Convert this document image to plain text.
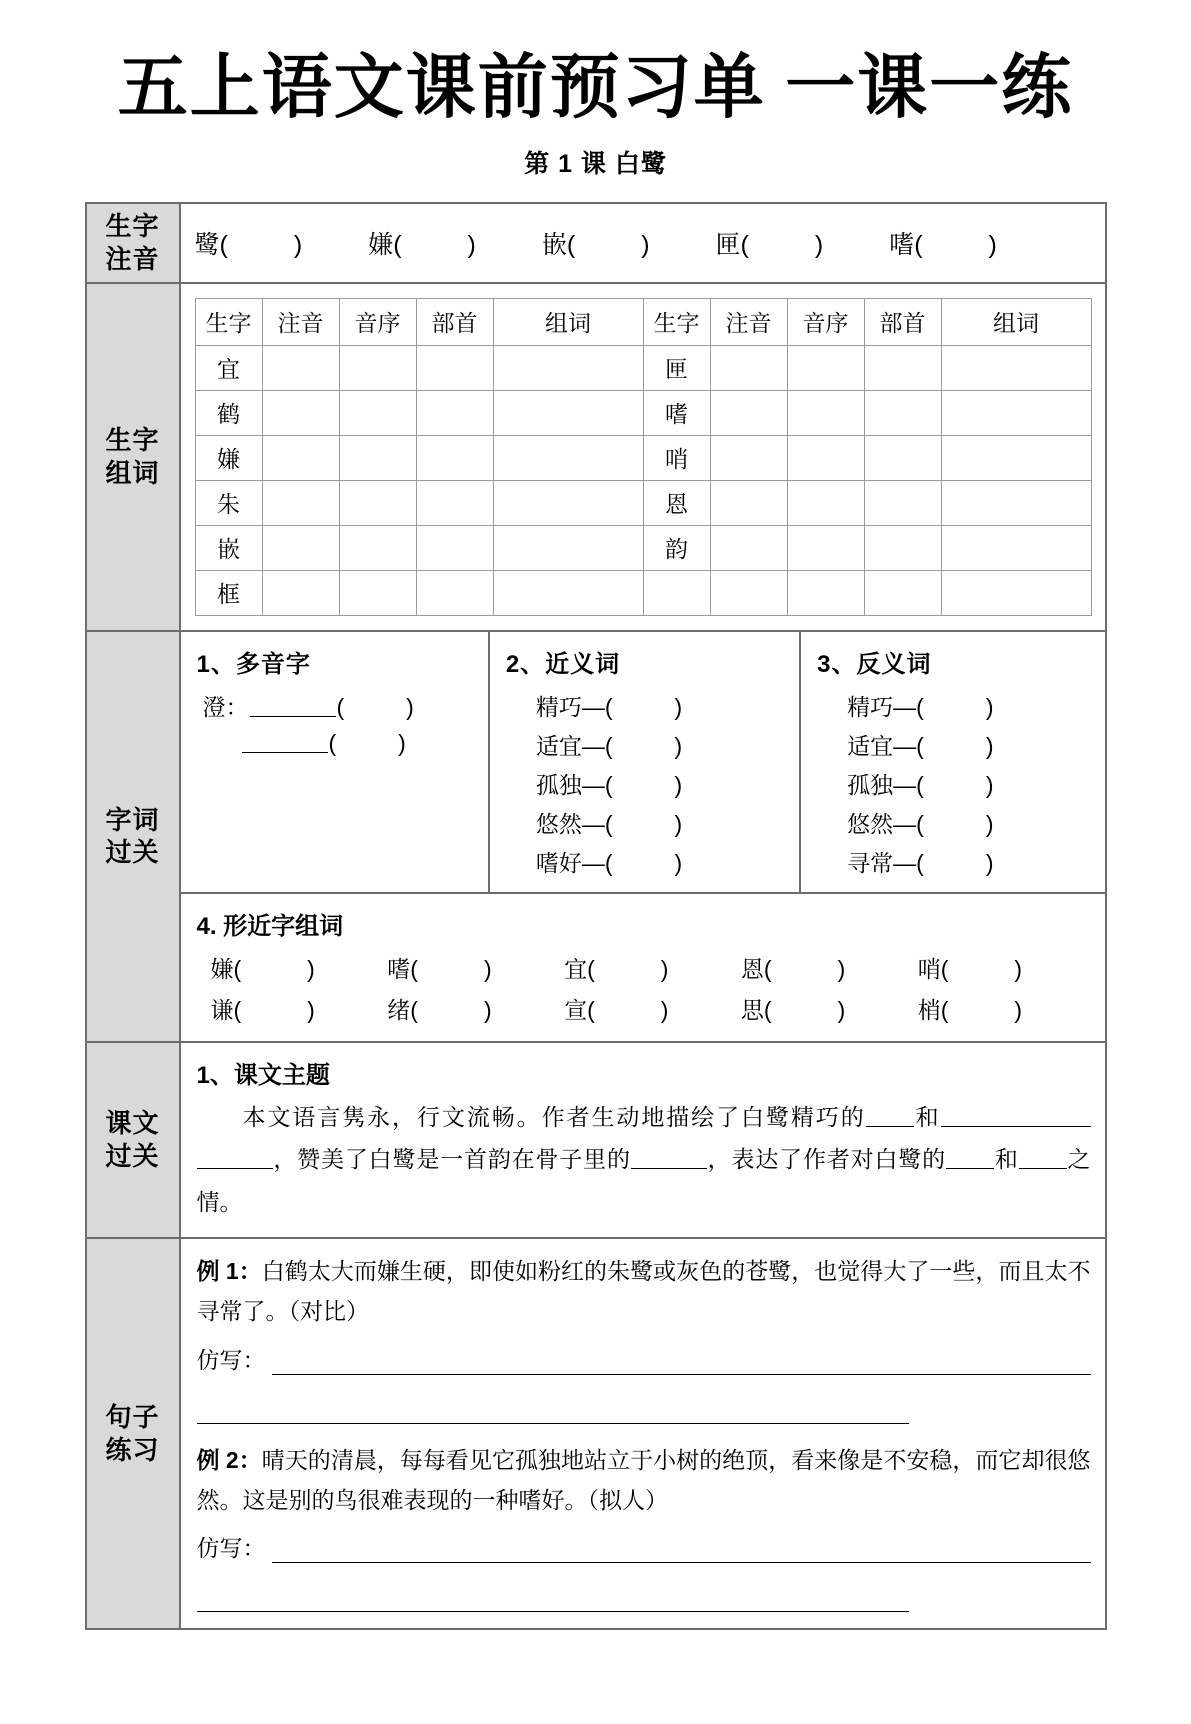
五上语文课前预习单 一课一练
第 1 课 白鹭
生字
注音	鹭 (	)	嫌 (	)	嵌 (	)	匣 (	)	嗜 (	)

生字
组词

生字	注音	音序	部首	组词	生字	注音	音序	部首	组词
宜					匣				
鹤					嗜				
嫌					哨				
朱					恩				
嵌					韵				
框									

字词
过关

1、多音字
澄：	(	)
(	)
2、近义词
精巧—(	)
适宜—(	)
孤独—(	)
悠然—(	)
嗜好—(	)
3、反义词
精巧—(	)
适宜—(	)
孤独—(	)
悠然—(	)
寻常—(	)

4. 形近字组词
嫌(	)	嗜(	)	宜(	)	恩(	)	哨(	)
谦(	)	绪(	)	宣(	)	思(	)	梢(	)

课文
过关

1、课文主题
本文语言隽永，行文流畅。作者生动地描绘了白鹭精巧的 和，赞美了白鹭是一首韵在骨子里的	，表达了作者对白鹭的 和 之情。

句子
练习

例 1：白鹤太大而嫌生硬，即使如粉红的朱鹭或灰色的苍鹭，也觉得大了一些，而且太不寻常了。（对比）
仿写：
例 2：晴天的清晨，每每看见它孤独地站立于小树的绝顶，看来像是不安稳，而它却很悠然。这是别的鸟很难表现的一种嗜好。（拟人）
仿写：
